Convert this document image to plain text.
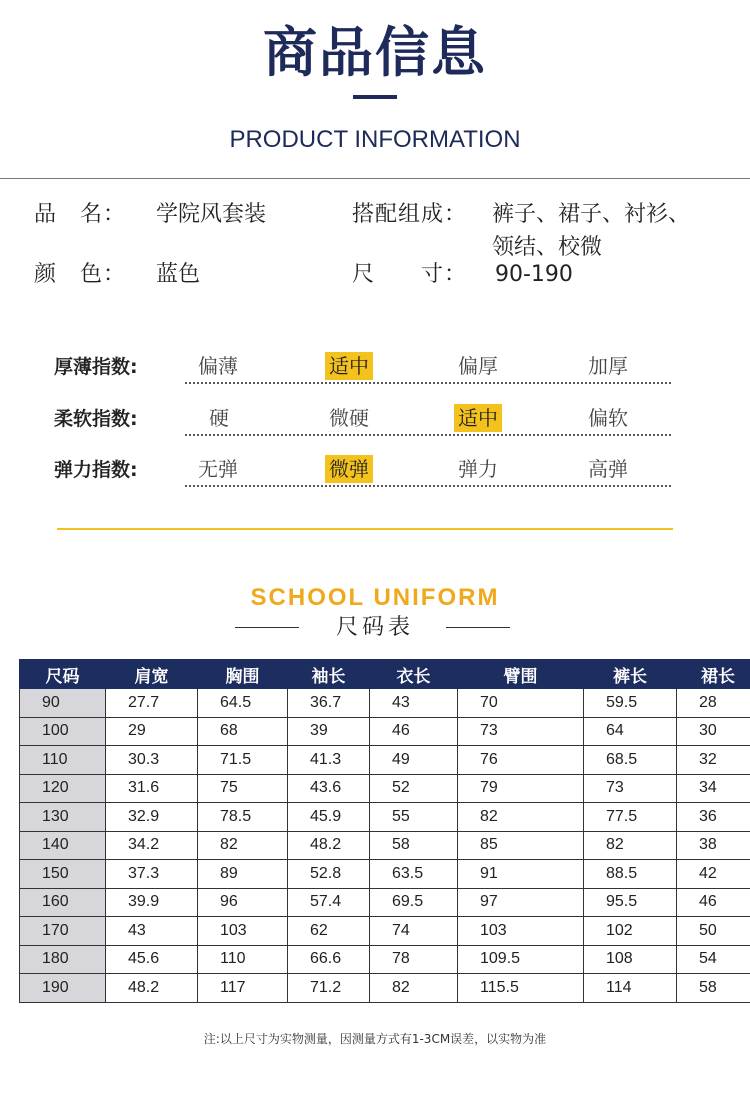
商品信息
PRODUCT INFORMATION
品　名： 学院风套装	搭配组成： 裤子、裙子、衬衫、
领结、校微
颜　色： 蓝色	尺　　寸： 90-190
厚薄指数:	偏薄	适中	偏厚	加厚
柔软指数:	硬	微硬	适中	偏软
弹力指数:	无弹	微弹	弹力	高弹
SCHOOL UNIFORM
尺码表
尺码	肩宽	胸围	袖长	衣长	臂围	裤长	裙长
90	27.7	64.5	36.7	43	70	59.5	28
100	29	68	39	46	73	64	30
110	30.3	71.5	41.3	49	76	68.5	32
120	31.6	75	43.6	52	79	73	34
130	32.9	78.5	45.9	55	82	77.5	36
140	34.2	82	48.2	58	85	82	38
150	37.3	89	52.8	63.5	91	88.5	42
160	39.9	96	57.4	69.5	97	95.5	46
170	43	103	62	74	103	102	50
180	45.6	110	66.6	78	109.5	108	54
190	48.2	117	71.2	82	115.5	114	58
注:以上尺寸为实物测量，因测量方式有1-3CM误差，以实物为准
